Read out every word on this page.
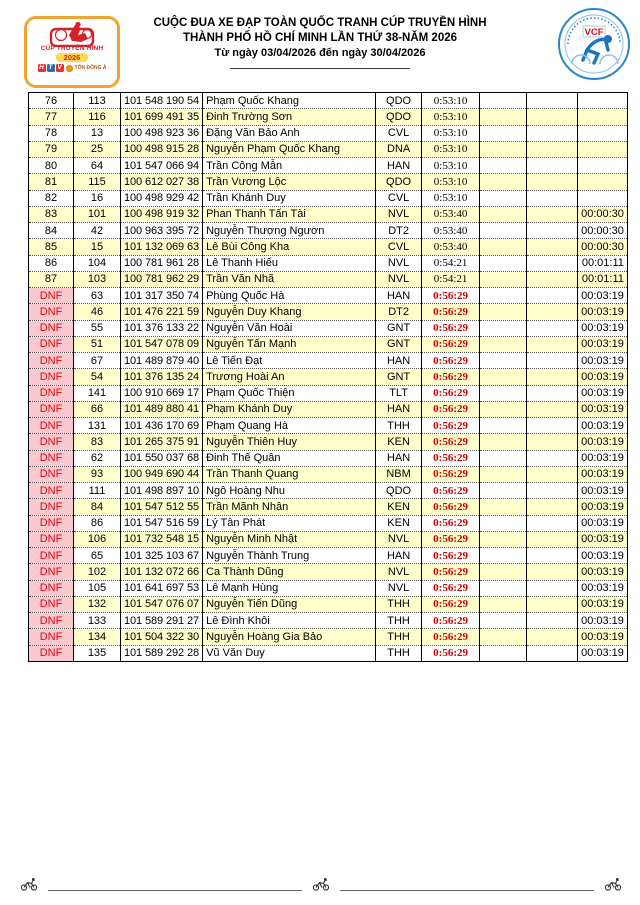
CÚP TRUYỀN HÌNH
2026
H T V	TÔN ĐÔNG Á
CUỘC ĐUA XE ĐẠP TOÀN QUỐC TRANH CÚP TRUYỀN HÌNH
THÀNH PHỐ HỒ CHÍ MINH LẦN THỨ 38-NĂM 2026
Từ ngày 03/04/2026 đến ngày 30/04/2026
VCF
76	113	101 548 190 54	Phạm Quốc Khang	QDO	0:53:10			
77	116	101 699 491 35	Đinh Trường Sơn	QDO	0:53:10			
78	13	100 498 923 36	Đặng Văn Bảo Anh	CVL	0:53:10			
79	25	100 498 915 28	Nguyễn Phạm Quốc Khang	DNA	0:53:10			
80	64	101 547 066 94	Trần Công Mẫn	HAN	0:53:10			
81	115	100 612 027 38	Trần Vương Lộc	QDO	0:53:10			
82	16	100 498 929 42	Trần Khánh Duy	CVL	0:53:10			
83	101	100 498 919 32	Phan Thanh Tấn Tài	NVL	0:53:40			00:00:30
84	42	100 963 395 72	Nguyễn Thượng Ngươn	DT2	0:53:40			00:00:30
85	15	101 132 069 63	Lê Bùi Công Kha	CVL	0:53:40			00:00:30
86	104	100 781 961 28	Lê Thanh Hiếu	NVL	0:54:21			00:01:11
87	103	100 781 962 29	Trần Văn Nhã	NVL	0:54:21			00:01:11
DNF	63	101 317 350 74	Phùng Quốc Hà	HAN	0:56:29			00:03:19
DNF	46	101 476 221 59	Nguyễn Duy Khang	DT2	0:56:29			00:03:19
DNF	55	101 376 133 22	Nguyễn Văn Hoài	GNT	0:56:29			00:03:19
DNF	51	101 547 078 09	Nguyễn Tấn Mạnh	GNT	0:56:29			00:03:19
DNF	67	101 489 879 40	Lê Tiến Đạt	HAN	0:56:29			00:03:19
DNF	54	101 376 135 24	Trương Hoài An	GNT	0:56:29			00:03:19
DNF	141	100 910 669 17	Phạm Quốc Thiện	TLT	0:56:29			00:03:19
DNF	66	101 489 880 41	Phạm Khánh Duy	HAN	0:56:29			00:03:19
DNF	131	101 436 170 69	Phạm Quang Hà	THH	0:56:29			00:03:19
DNF	83	101 265 375 91	Nguyễn Thiên Huy	KEN	0:56:29			00:03:19
DNF	62	101 550 037 68	Đinh Thế Quân	HAN	0:56:29			00:03:19
DNF	93	100 949 690 44	Trần Thanh Quang	NBM	0:56:29			00:03:19
DNF	111	101 498 897 10	Ngô Hoàng Nhu	QDO	0:56:29			00:03:19
DNF	84	101 547 512 55	Trần Mãnh Nhân	KEN	0:56:29			00:03:19
DNF	86	101 547 516 59	Lý Tân Phát	KEN	0:56:29			00:03:19
DNF	106	101 732 548 15	Nguyễn Minh Nhật	NVL	0:56:29			00:03:19
DNF	65	101 325 103 67	Nguyễn Thành Trung	HAN	0:56:29			00:03:19
DNF	102	101 132 072 66	Ca Thành Dũng	NVL	0:56:29			00:03:19
DNF	105	101 641 697 53	Lê Mạnh Hùng	NVL	0:56:29			00:03:19
DNF	132	101 547 076 07	Nguyễn Tiến Dũng	THH	0:56:29			00:03:19
DNF	133	101 589 291 27	Lê Đình Khôi	THH	0:56:29			00:03:19
DNF	134	101 504 322 30	Nguyễn Hoàng Gia Bảo	THH	0:56:29			00:03:19
DNF	135	101 589 292 28	Vũ Văn Duy	THH	0:56:29			00:03:19
